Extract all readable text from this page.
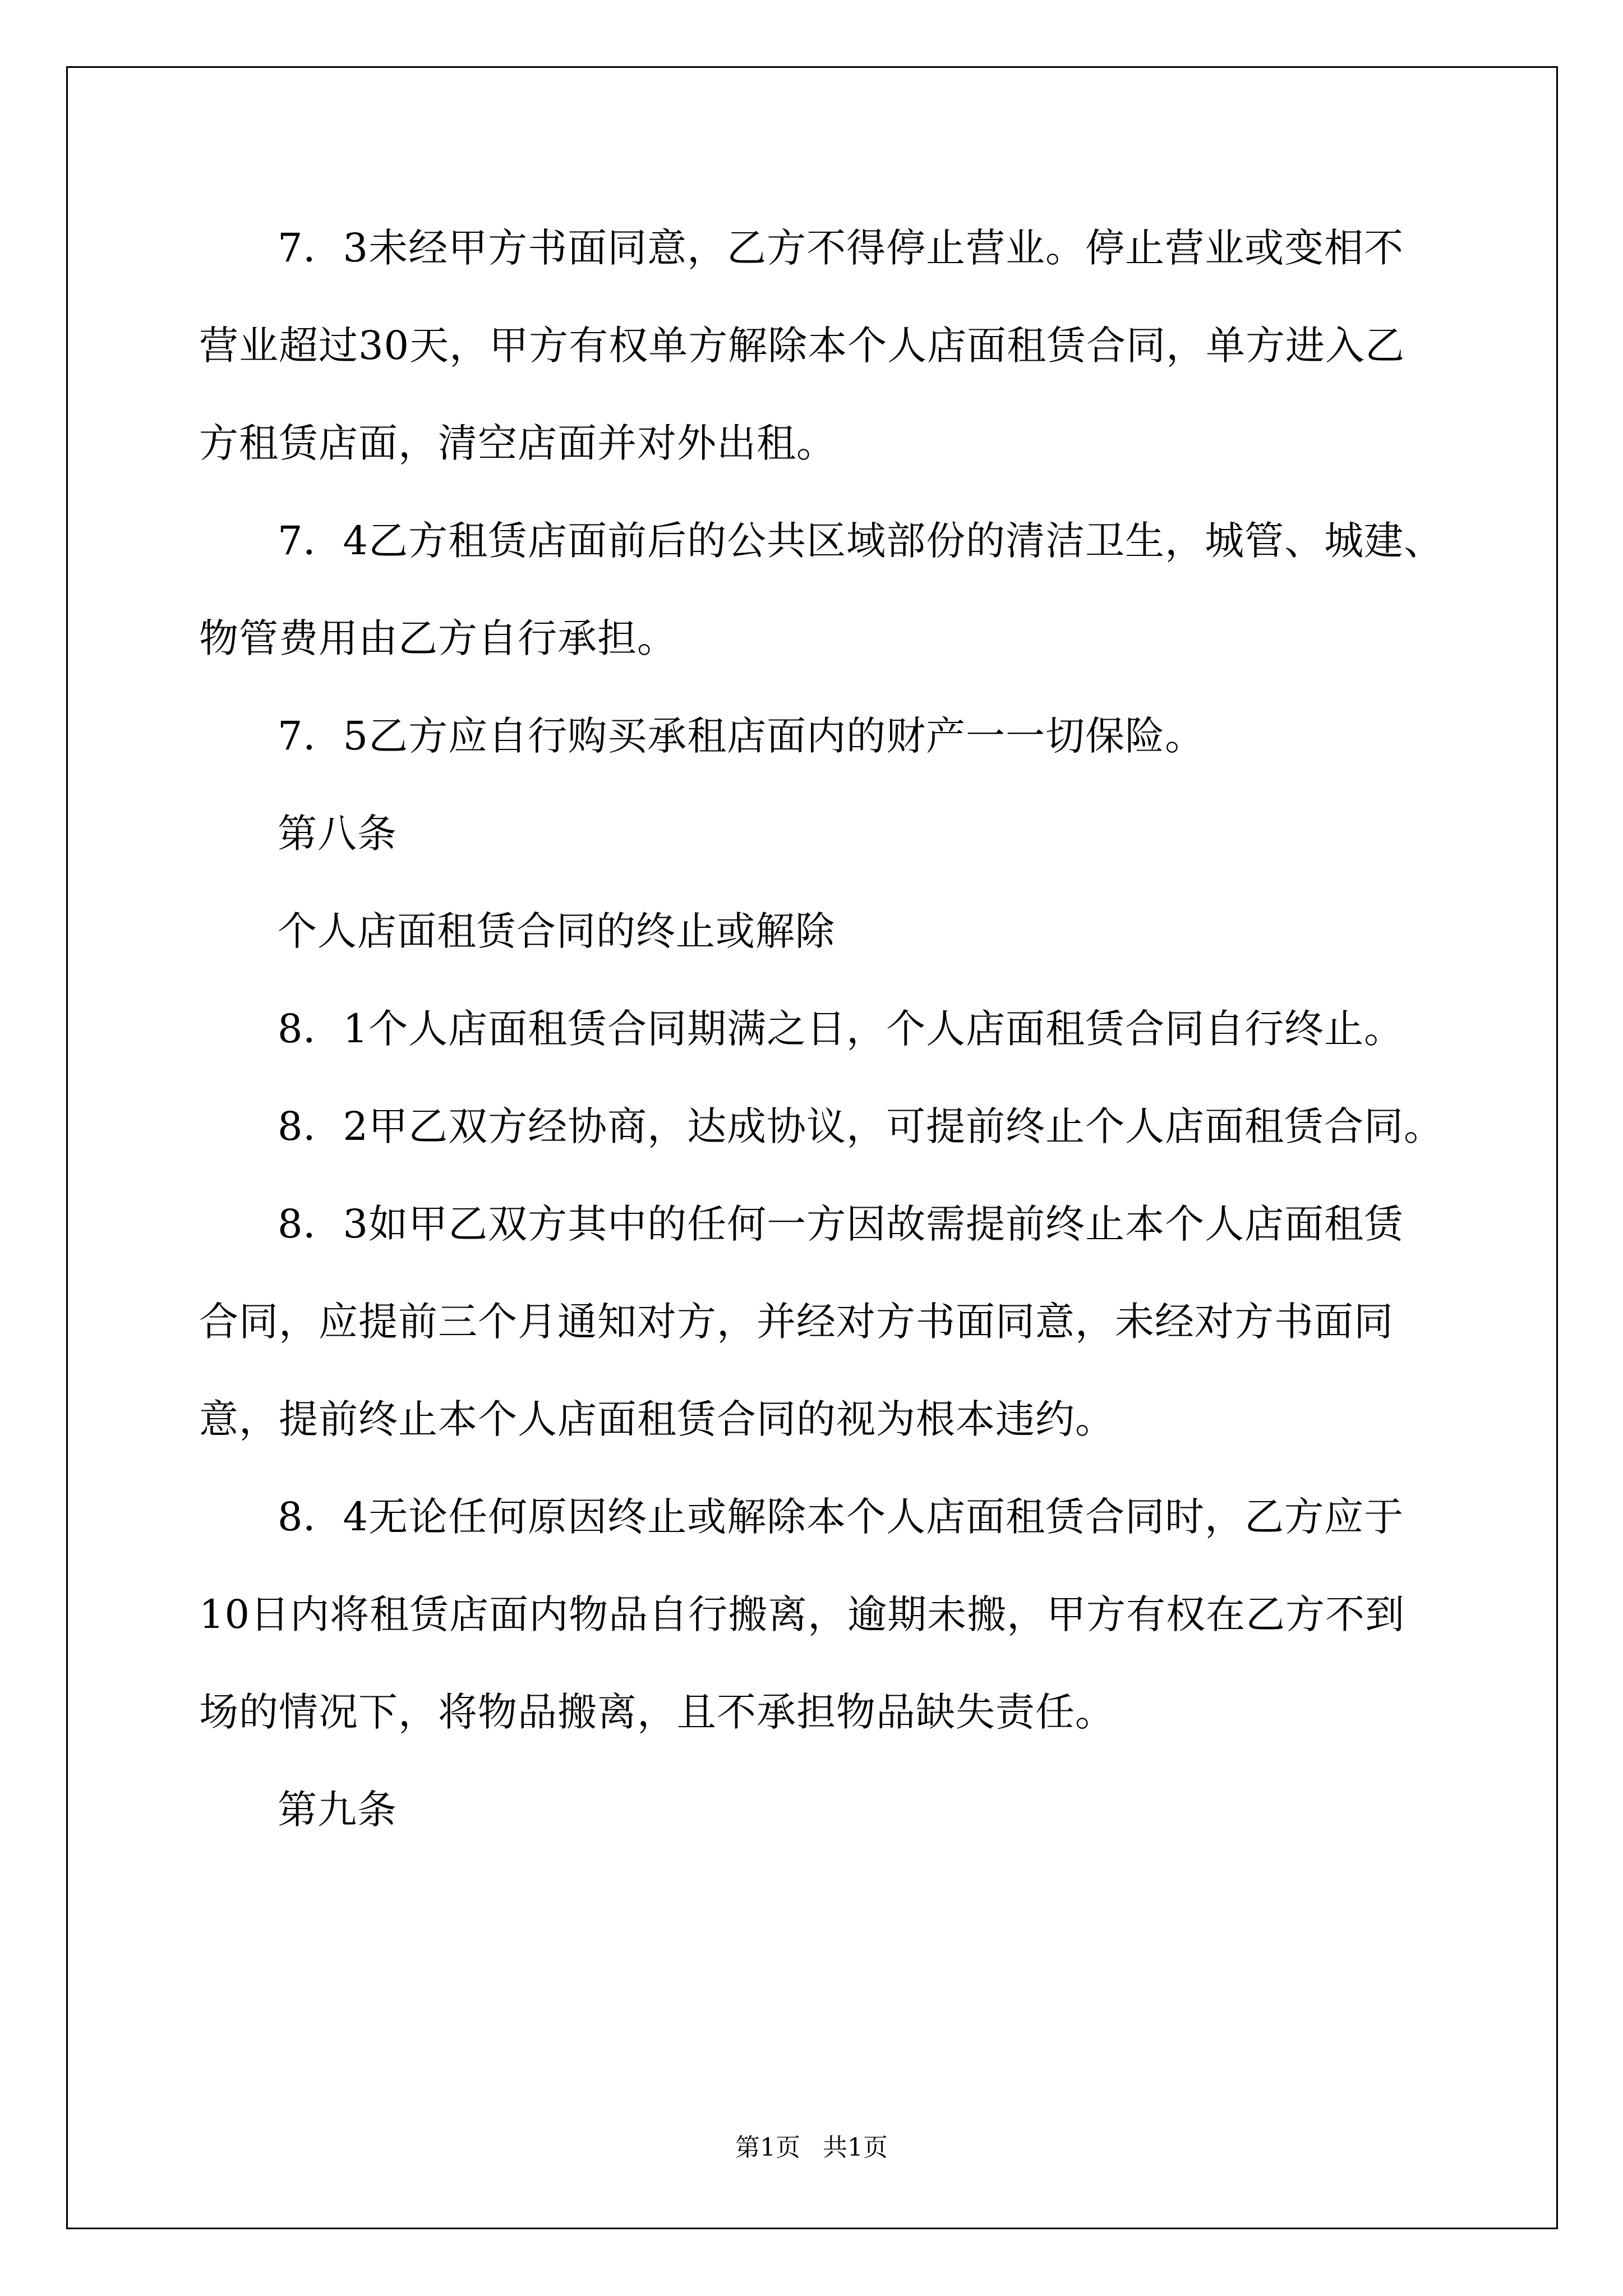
7．3未经甲方书面同意，乙方不得停止营业。停止营业或变相不

营业超过30天，甲方有权单方解除本个人店面租赁合同，单方进入乙

方租赁店面，清空店面并对外出租。

7．4乙方租赁店面前后的公共区域部份的清洁卫生，城管、城建、

物管费用由乙方自行承担。

7．5乙方应自行购买承租店面内的财产一一切保险。

第八条

个人店面租赁合同的终止或解除

8．1个人店面租赁合同期满之日，个人店面租赁合同自行终止。

8．2甲乙双方经协商，达成协议，可提前终止个人店面租赁合同。

8．3如甲乙双方其中的任何一方因故需提前终止本个人店面租赁

合同，应提前三个月通知对方，并经对方书面同意，未经对方书面同

意，提前终止本个人店面租赁合同的视为根本违约。

8．4无论任何原因终止或解除本个人店面租赁合同时，乙方应于

10日内将租赁店面内物品自行搬离，逾期未搬，甲方有权在乙方不到

场的情况下，将物品搬离，且不承担物品缺失责任。

第九条

第1页 共1页
